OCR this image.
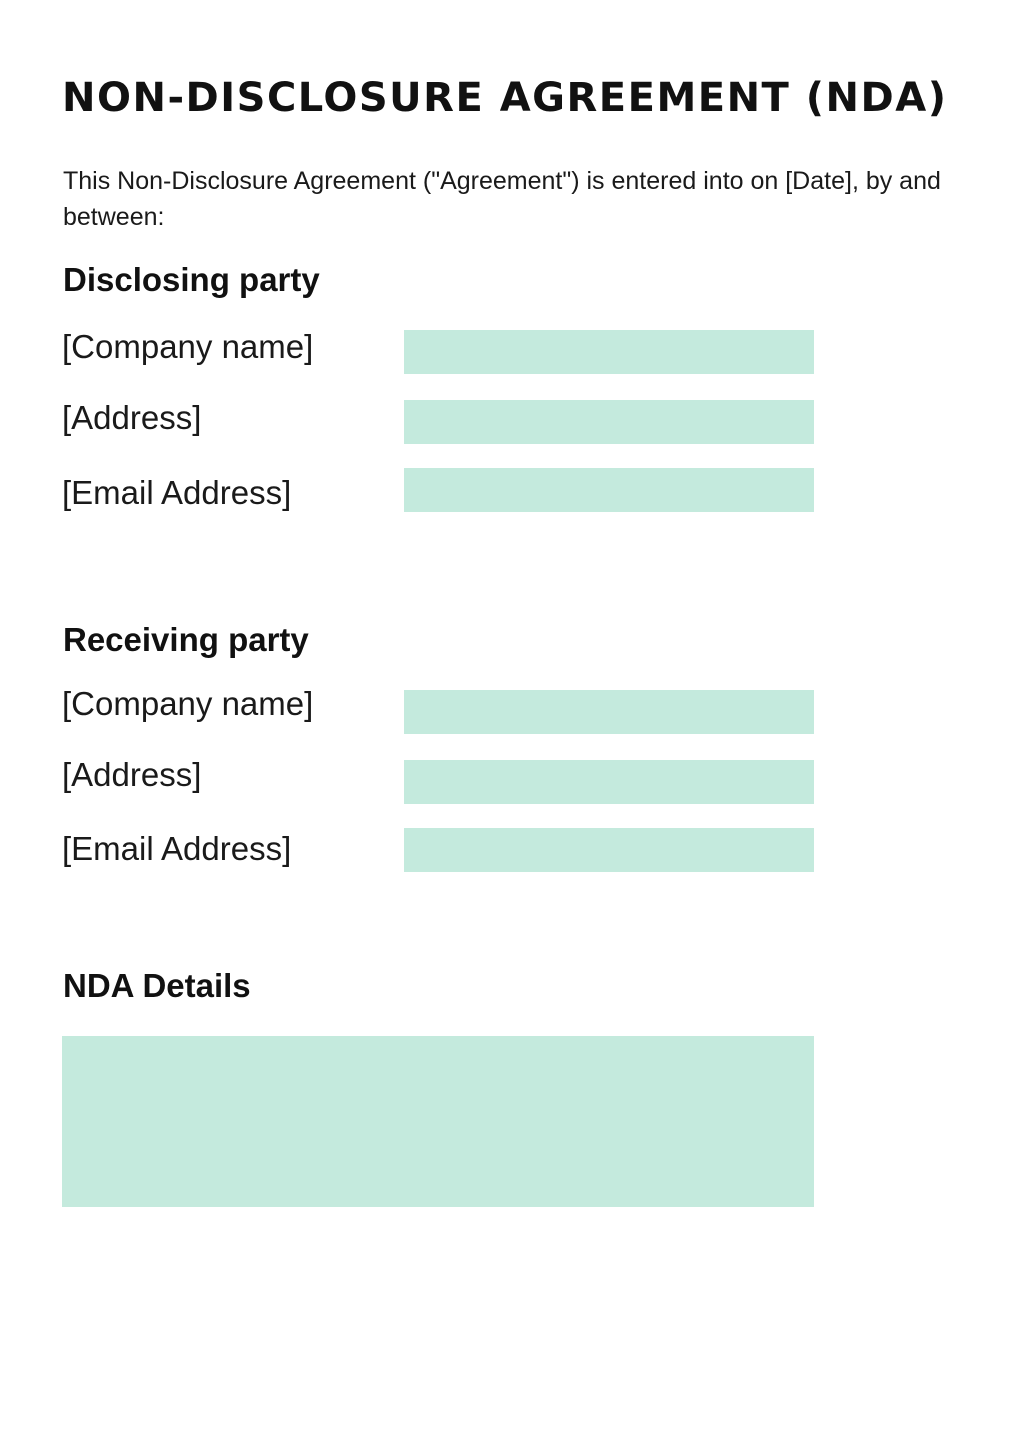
NON-DISCLOSURE AGREEMENT (NDA)

This Non-Disclosure Agreement ("Agreement") is entered into on [Date], by and between:

Disclosing party
[Company name]
[Address]
[Email Address]
Receiving party
[Company name]
[Address]
[Email Address]
NDA Details
